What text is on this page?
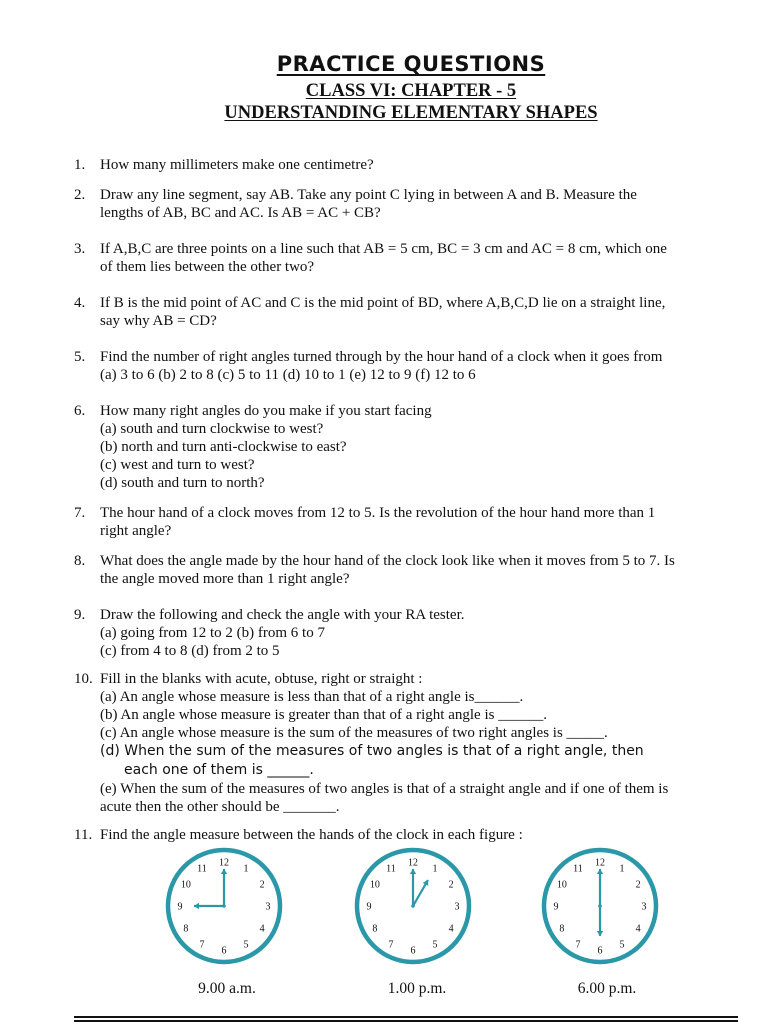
PRACTICE QUESTIONS
CLASS VI: CHAPTER - 5
UNDERSTANDING ELEMENTARY SHAPES
1. How many millimeters make one centimetre?
2. Draw any line segment, say AB. Take any point C lying in between A and B. Measure the
lengths of AB, BC and AC. Is AB = AC + CB?
3. If A,B,C are three points on a line such that AB = 5 cm, BC = 3 cm and AC = 8 cm, which one
of them lies between the other two?
4. If B is the mid point of AC and C is the mid point of BD, where A,B,C,D lie on a straight line,
say why AB = CD?
5. Find the number of right angles turned through by the hour hand of a clock when it goes from
(a) 3 to 6 (b) 2 to 8 (c) 5 to 11 (d) 10 to 1 (e) 12 to 9 (f) 12 to 6
6. How many right angles do you make if you start facing
(a) south and turn clockwise to west?
(b) north and turn anti-clockwise to east?
(c) west and turn to west?
(d) south and turn to north?
7. The hour hand of a clock moves from 12 to 5. Is the revolution of the hour hand more than 1
right angle?
8. What does the angle made by the hour hand of the clock look like when it moves from 5 to 7. Is
the angle moved more than 1 right angle?
9. Draw the following and check the angle with your RA tester.
(a) going from 12 to 2 (b) from 6 to 7
(c) from 4 to 8 (d) from 2 to 5
10. Fill in the blanks with acute, obtuse, right or straight :
(a) An angle whose measure is less than that of a right angle is______.
(b) An angle whose measure is greater than that of a right angle is ______.
(c) An angle whose measure is the sum of the measures of two right angles is _____.
(d) When the sum of the measures of two angles is that of a right angle, then
each one of them is ______.
(e) When the sum of the measures of two angles is that of a straight angle and if one of them is
acute then the other should be _______.
11. Find the angle measure between the hands of the clock in each figure :
12
1
2
3
4
5
6
7
8
9
10
11
12
1
2
3
4
5
6
7
8
9
10
11
12
1
2
3
4
5
6
7
8
9
10
11
9.00 a.m.	1.00 p.m.	6.00 p.m.
